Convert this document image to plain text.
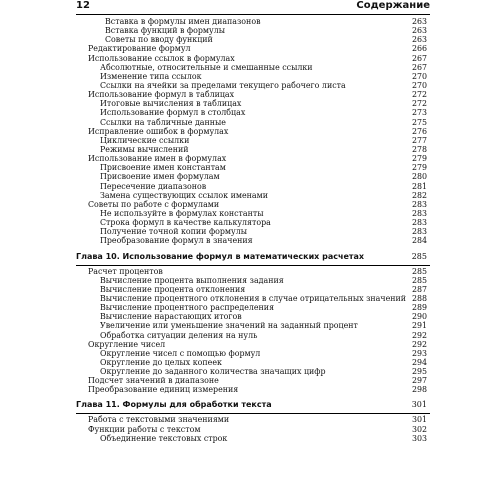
12	Содержание
Вставка в формулы имен диапазонов	263
Вставка функций в формулы	263
Советы по вводу функций	263
Редактирование формул	266
Использование ссылок в формулах	267
Абсолютные, относительные и смешанные ссылки	267
Изменение типа ссылок	270
Ссылки на ячейки за пределами текущего рабочего листа	270
Использование формул в таблицах	272
Итоговые вычисления в таблицах	272
Использование формул в столбцах	273
Ссылки на табличные данные	275
Исправление ошибок в формулах	276
Циклические ссылки	277
Режимы вычислений	278
Использование имен в формулах	279
Присвоение имен константам	279
Присвоение имен формулам	280
Пересечение диапазонов	281
Замена существующих ссылок именами	282
Советы по работе с формулами	283
Не используйте в формулах константы	283
Строка формул в качестве калькулятора	283
Получение точной копии формулы	283
Преобразование формул в значения	284
Глава 10. Использование формул в математических расчетах	285
Расчет процентов	285
Вычисление процента выполнения задания	285
Вычисление процента отклонения	287
Вычисление процентного отклонения в случае отрицательных значений 288
Вычисление процентного распределения	289
Вычисление нарастающих итогов	290
Увеличение или уменьшение значений на заданный процент	291
Обработка ситуации деления на нуль	292
Округление чисел	292
Округление чисел с помощью формул	293
Округление до целых копеек	294
Округление до заданного количества значащих цифр	295
Подсчет значений в диапазоне	297
Преобразование единиц измерения	298
Глава 11. Формулы для обработки текста	301
Работа с текстовыми значениями	301
Функции работы с текстом	302
Объединение текстовых строк	303
